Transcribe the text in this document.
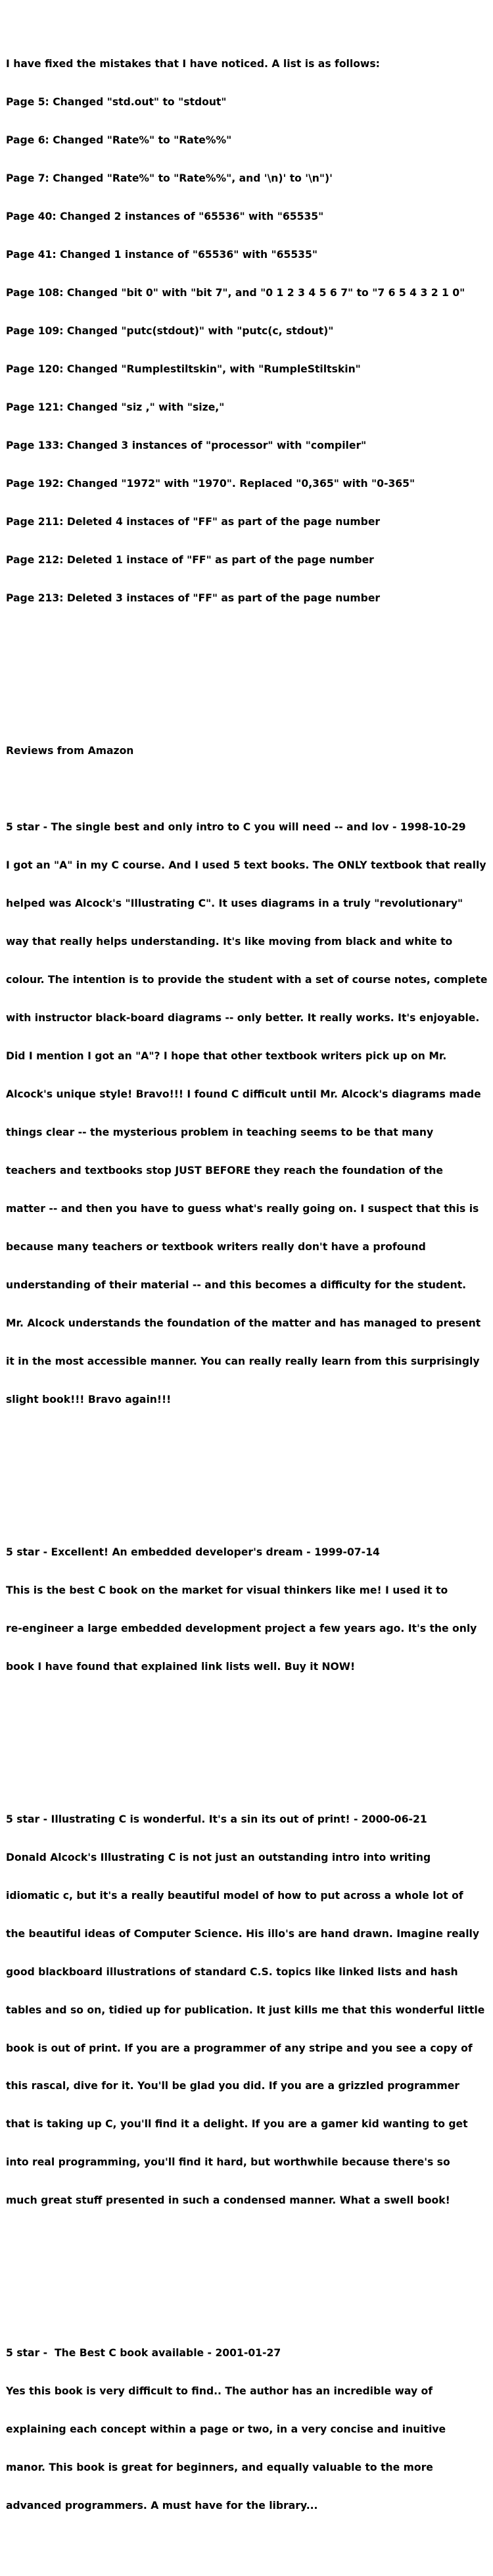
I have fixed the mistakes that I have noticed. A list is as follows:

Page 5: Changed "std.out" to "stdout"

Page 6: Changed "Rate%" to "Rate%%"

Page 7: Changed "Rate%" to "Rate%%", and '\n)' to '\n")'

Page 40: Changed 2 instances of "65536" with "65535"

Page 41: Changed 1 instance of "65536" with "65535"

Page 108: Changed "bit 0" with "bit 7", and "0 1 2 3 4 5 6 7" to "7 6 5 4 3 2 1 0"

Page 109: Changed "putc(stdout)" with "putc(c, stdout)"

Page 120: Changed "Rumplestiltskin", with "RumpleStiltskin"

Page 121: Changed "siz ," with "size,"

Page 133: Changed 3 instances of "processor" with "compiler"

Page 192: Changed "1972" with "1970". Replaced "0,365" with "0-365"

Page 211: Deleted 4 instaces of "FF" as part of the page number

Page 212: Deleted 1 instace of "FF" as part of the page number

Page 213: Deleted 3 instaces of "FF" as part of the page number

Reviews from Amazon

5 star - The single best and only intro to C you will need -- and lov - 1998-10-29

I got an "A" in my C course. And I used 5 text books. The ONLY textbook that really

helped was Alcock's "Illustrating C". It uses diagrams in a truly "revolutionary"

way that really helps understanding. It's like moving from black and white to

colour. The intention is to provide the student with a set of course notes, complete

with instructor black-board diagrams -- only better. It really works. It's enjoyable.

Did I mention I got an "A"? I hope that other textbook writers pick up on Mr.

Alcock's unique style! Bravo!!! I found C difficult until Mr. Alcock's diagrams made

things clear -- the mysterious problem in teaching seems to be that many

teachers and textbooks stop JUST BEFORE they reach the foundation of the

matter -- and then you have to guess what's really going on. I suspect that this is

because many teachers or textbook writers really don't have a profound

understanding of their material -- and this becomes a difficulty for the student.

Mr. Alcock understands the foundation of the matter and has managed to present

it in the most accessible manner. You can really really learn from this surprisingly

slight book!!! Bravo again!!!

5 star - Excellent! An embedded developer's dream - 1999-07-14

This is the best C book on the market for visual thinkers like me! I used it to

re-engineer a large embedded development project a few years ago. It's the only

book I have found that explained link lists well. Buy it NOW!

5 star - Illustrating C is wonderful. It's a sin its out of print! - 2000-06-21

Donald Alcock's Illustrating C is not just an outstanding intro into writing

idiomatic c, but it's a really beautiful model of how to put across a whole lot of

the beautiful ideas of Computer Science. His illo's are hand drawn. Imagine really

good blackboard illustrations of standard C.S. topics like linked lists and hash

tables and so on, tidied up for publication. It just kills me that this wonderful little

book is out of print. If you are a programmer of any stripe and you see a copy of

this rascal, dive for it. You'll be glad you did. If you are a grizzled programmer

that is taking up C, you'll find it a delight. If you are a gamer kid wanting to get

into real programming, you'll find it hard, but worthwhile because there's so

much great stuff presented in such a condensed manner. What a swell book!

5 star -  The Best C book available - 2001-01-27

Yes this book is very difficult to find.. The author has an incredible way of

explaining each concept within a page or two, in a very concise and inuitive

manor. This book is great for beginners, and equally valuable to the more

advanced programmers. A must have for the library...
